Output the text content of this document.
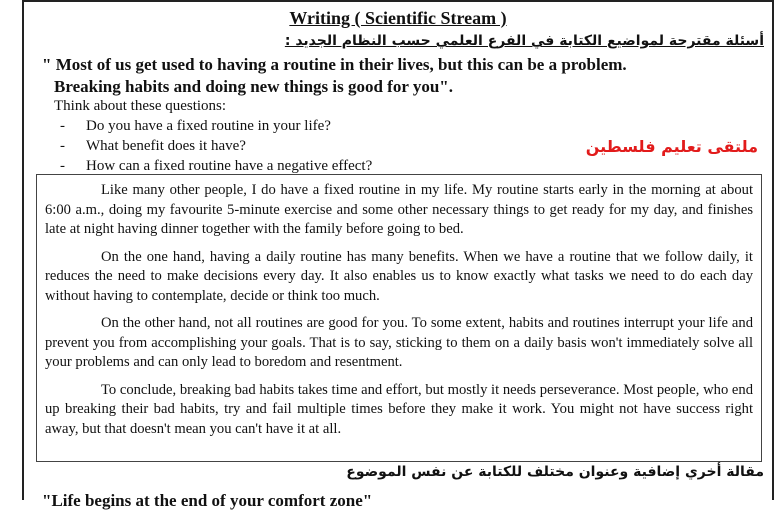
Writing ( Scientific Stream )
أسئلة مقترحة لمواضيع الكتابة في الفرع العلمي حسب النظام الجديد :
" Most of us get used to having a routine in their lives, but this can be a problem.
Breaking habits and doing new things is good for you".
Think about these questions:
- Do you have a fixed routine in your life?
- What benefit does it have?
- How can a fixed routine have a negative effect?
ملتقى تعليم فلسطين

Like many other people, I do have a fixed routine in my life. My routine starts early in the morning at about 6:00 a.m., doing my favourite 5-minute exercise and some other necessary things to get ready for my day, and finishes late at night having dinner together with the family before going to bed.

On the one hand, having a daily routine has many benefits. When we have a routine that we follow daily, it reduces the need to make decisions every day. It also enables us to know exactly what tasks we need to do each day without having to contemplate, decide or think too much.

On the other hand, not all routines are good for you. To some extent, habits and routines interrupt your life and prevent you from accomplishing your goals. That is to say, sticking to them on a daily basis won't immediately solve all your problems and can only lead to boredom and resentment.

To conclude, breaking bad habits takes time and effort, but mostly it needs perseverance. Most people, who end up breaking their bad habits, try and fail multiple times before they make it work. You might not have success right away, but that doesn't mean you can't have it at all.

مقالة أخري إضافية وعنوان مختلف للكتابة عن نفس الموضوع
"Life begins at the end of your comfort zone"
